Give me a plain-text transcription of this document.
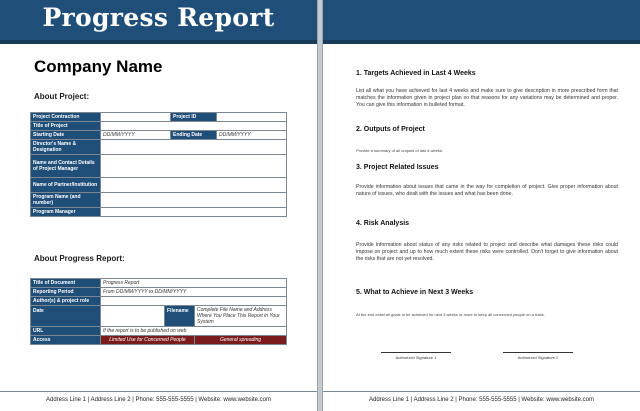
Progress Report
Company Name
About Project:
Project Contraction		Project ID	
Title of Project			
Starting Date	DD/MM/YYYY	Ending Date	DD/MM/YYYY
Director's Name & Designation			
Name and Contact Details of Project Manager			
Name of Partner/Institution			
Program Name (and number)			
Program Manager			
About Progress Report:
Title of Document	Progress Report		
Reporting Period	From DD/MM/YYYY to DD/MM/YYYY		
Author(s) & project role			
Date		Filename	Complete File Name and Address Where You Place This Report in Your System
URL	If the report is to be published on web		
Access	Limited Use for Concerned People		General spreading
Address Line 1 | Address Line 2 | Phone: 555-555-5555 | Website: www.website.com
1. Targets Achieved in Last 4 Weeks
List all what you have achieved for last 4 weeks and make sure to give description in more prescribed form that matches the information given in project plan so that reasons for any variations may be determined and proper. You can give this information in bulleted format.
2. Outputs of Project
Provide a summary of all outputs of last 4 weeks.
3. Project Related Issues
Provide information about issues that came in the way for completion of project. Give proper information about nature of issues, who dealt with the issues and what has been done.
4. Risk Analysis
Provide information about status of any risks related to project and describe what damages these risks could impose on project and up to how much extent these risks were controlled. Don't forget to give information about the risks that are not yet resolved.
5. What to Achieve in Next 3 Weeks
At the end enlist all goals to be achieved for next 3 weeks or more to keep all concerned people on a track.
Authorized Signature 1	Authorized Signature 2
Address Line 1 | Address Line 2 | Phone: 555-555-5555 | Website: www.website.com
